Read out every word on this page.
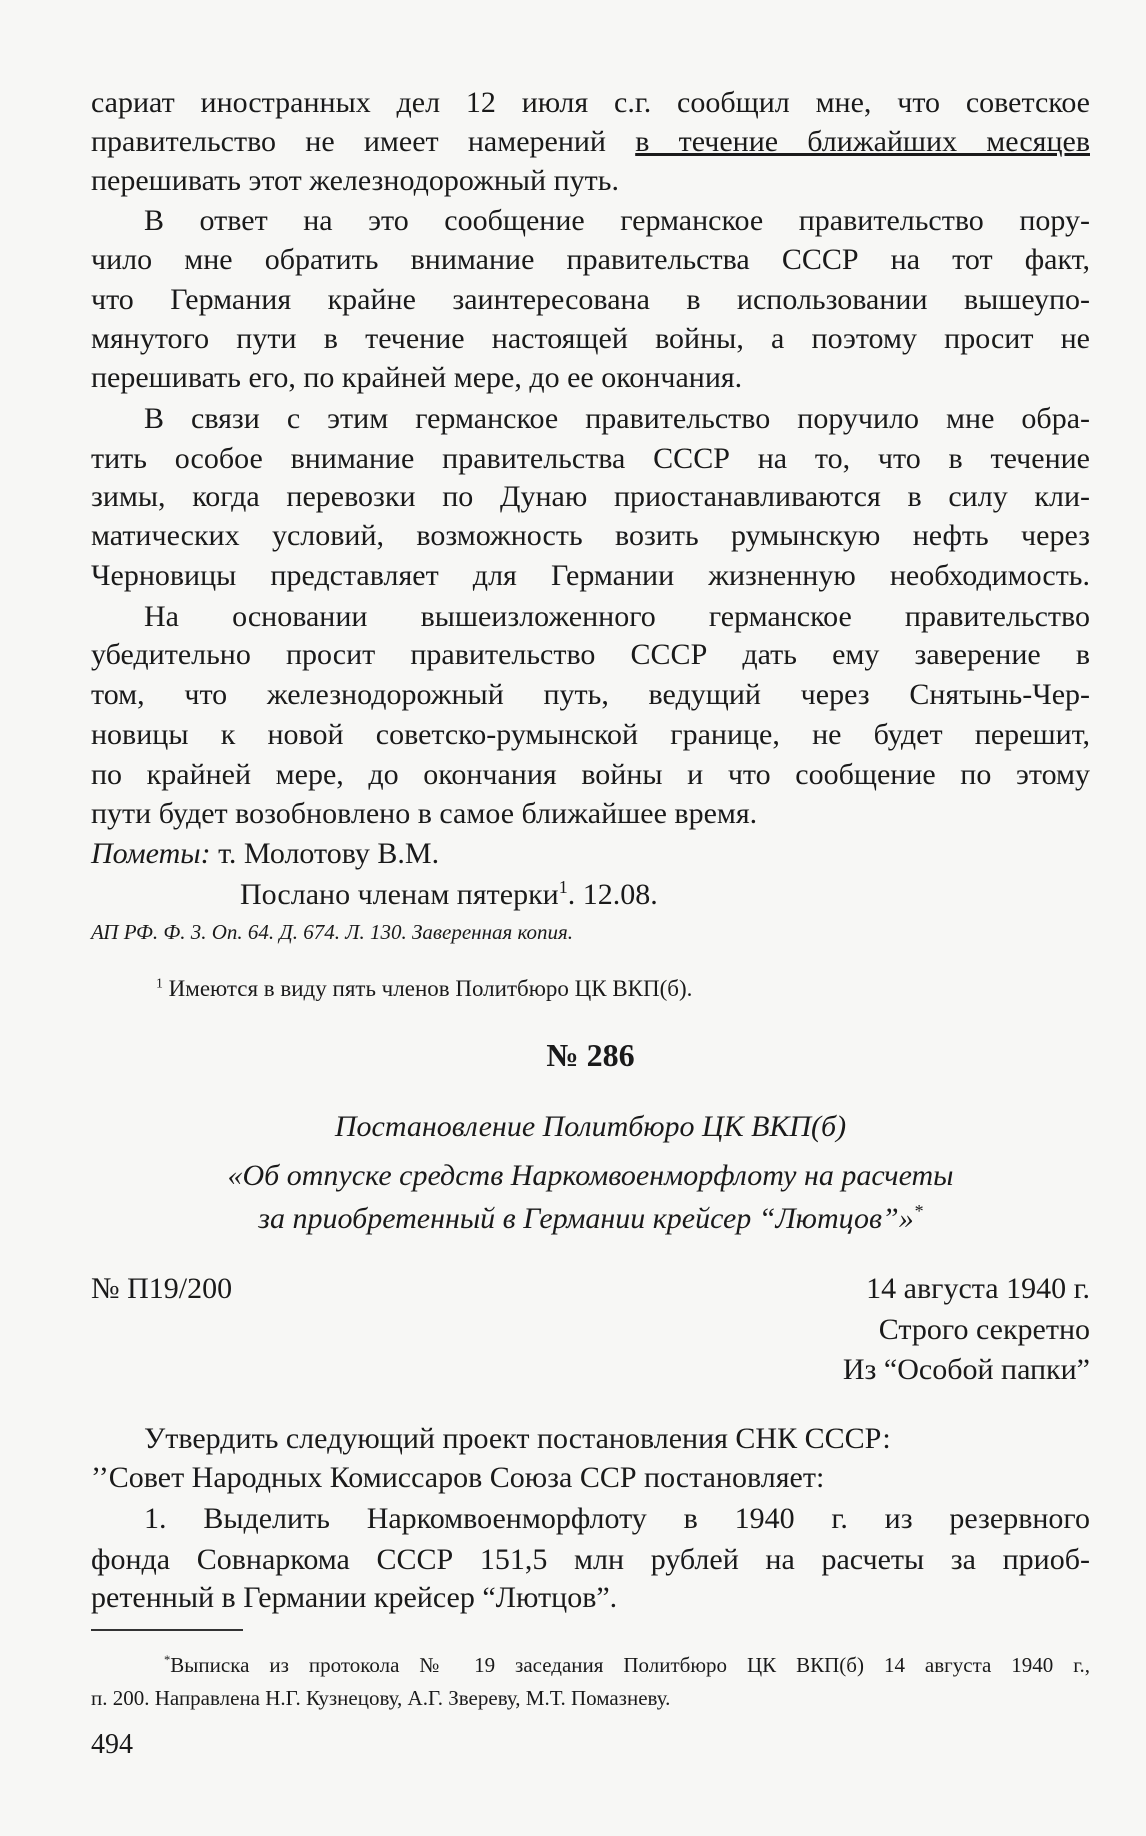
сариат иностранных дел 12 июля с.г. сообщил мне, что советское
правительство не имеет намерений в течение ближайших месяцев
перешивать этот железнодорожный путь.
В ответ на это сообщение германское правительство пору-
чило мне обратить внимание правительства СССР на тот факт,
что Германия крайне заинтересована в использовании вышеупо-
мянутого пути в течение настоящей войны, а поэтому просит не
перешивать его, по крайней мере, до ее окончания.
В связи с этим германское правительство поручило мне обра-
тить особое внимание правительства СССР на то, что в течение
зимы, когда перевозки по Дунаю приостанавливаются в силу кли-
матических условий, возможность возить румынскую нефть через
Черновицы представляет для Германии жизненную необходимость.
На основании вышеизложенного германское правительство
убедительно просит правительство СССР дать ему заверение в
том, что железнодорожный путь, ведущий через Снятынь-Чер-
новицы к новой советско-румынской границе, не будет перешит,
по крайней мере, до окончания войны и что сообщение по этому
пути будет возобновлено в самое ближайшее время.
Пометы: т. Молотову В.М.
Послано членам пятерки$^1$. 12.08.
АП РФ. Ф. 3. Оп. 64. Д. 674. Л. 130. Заверенная копия.
$^1$ Имеются в виду пять членов Политбюро ЦК ВКП(б).
№ 286
Постановление Политбюро ЦК ВКП(б)
«Об отпуске средств Наркомвоенморфлоту на расчеты
за приобретенный в Германии крейсер “Лютцов”»*
№ П19/200	14 августа 1940 г.
Строго секретно
Из “Особой папки”
Утвердить следующий проект постановления СНК СССР:
’’Совет Народных Комиссаров Союза ССР постановляет:
1. Выделить Наркомвоенморфлоту в 1940 г. из резервного
фонда Совнаркома СССР 151,5 млн рублей на расчеты за приоб-
ретенный в Германии крейсер “Лютцов”.
*Выписка из протокола № 19 заседания Политбюро ЦК ВКП(б) 14 августа 1940 г.,
п. 200. Направлена Н.Г. Кузнецову, А.Г. Звереву, М.Т. Помазневу.
494
